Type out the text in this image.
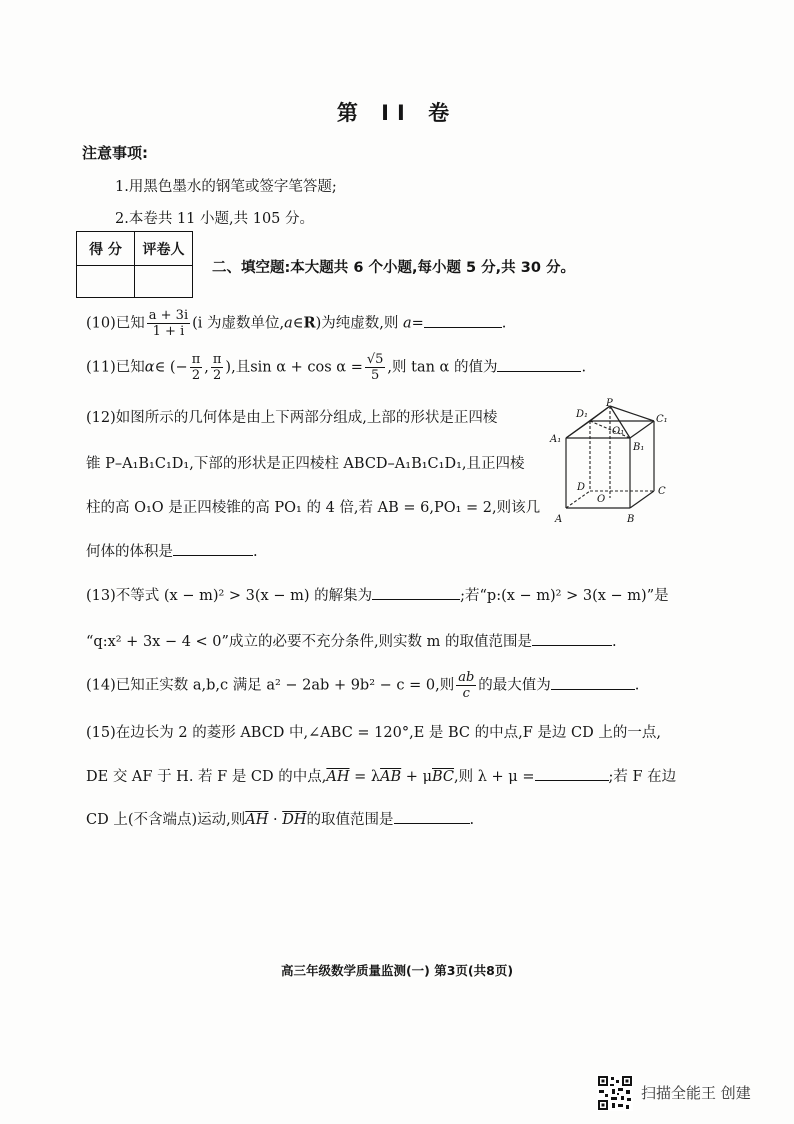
第 II 卷
注意事项:
1.用黑色墨水的钢笔或签字笔答题;
2.本卷共 11 小题,共 105 分。
得 分	评卷人

二、填空题:本大题共 6 个小题,每小题 5 分,共 30 分。
(10)已知 $\frac{a + 3i}{1 + i} (i$ 为虚数单位,a∈R)为纯虚数,则 a=	.
(11)已知α∈ (− $\frac{\pi}{2}$ , $\frac{\pi}{2}$ ),且$\sin \alpha + \cos \alpha = \frac{√5}{5}$ ,则 tan α 的值为	.
(12)如图所示的几何体是由上下两部分组成,上部的形状是正四棱
锥 P–A₁B₁C₁D₁,下部的形状是正四棱柱 ABCD–A₁B₁C₁D₁,且正四棱
柱的高 O₁O 是正四棱锥的高 PO₁ 的 4 倍,若 AB = 6,PO₁ = 2,则该几
何体的体积是	.
P
D₁	C₁
O₁
A₁
B₁
D	C
O
A	B
(13)不等式 (x − m)² > 3(x − m) 的解集为	;若“p:(x − m)² > 3(x − m)”是
“q:x² + 3x − 4 < 0”成立的必要不充分条件,则实数 m 的取值范围是	.
(14)已知正实数 a,b,c 满足 a² − 2ab + 9b² − c = 0,则 $\frac{ab}{c}$ 的最大值为	.
(15)在边长为 2 的菱形 ABCD 中,∠ABC = 120°,E 是 BC 的中点,F 是边 CD 上的一点,
DE 交 AF 于 H. 若 F 是 CD 的中点$,\overline{AH} = \lambda\overline{AB} + \mu\overline{BC}$,则 λ + μ =	;若 F 在边
CD 上(不含端点)运动,则$\overline{AH} \cdot \overline{DH}$的取值范围是	.
高三年级数学质量监测(一) 第3页(共8页)
扫描全能王 创建
